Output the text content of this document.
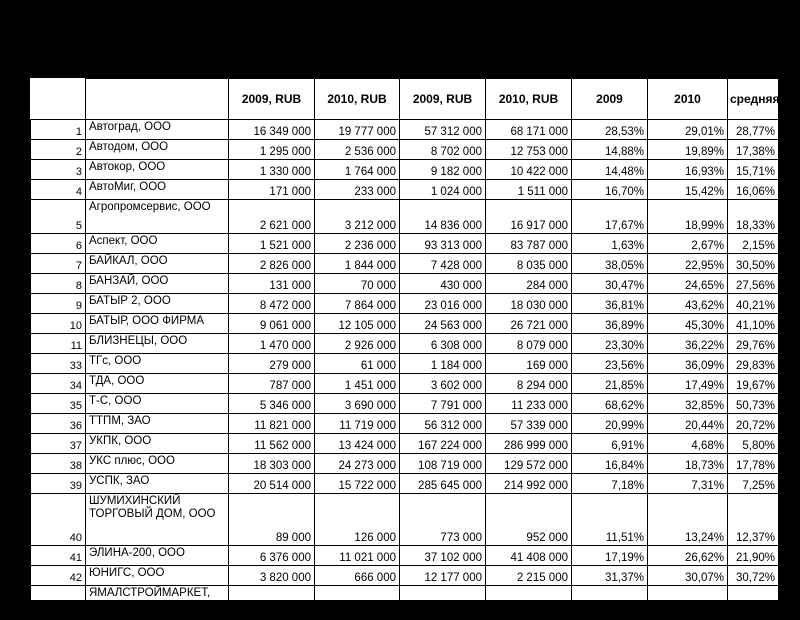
		2009, RUB	2010, RUB	2009, RUB	2010, RUB	2009	2010	средняя
1	Автоград, ООО	16 349 000	19 777 000	57 312 000	68 171 000	28,53%	29,01%	28,77%
2	Автодом, ООО	1 295 000	2 536 000	8 702 000	12 753 000	14,88%	19,89%	17,38%
3	Автокор, ООО	1 330 000	1 764 000	9 182 000	10 422 000	14,48%	16,93%	15,71%
4	АвтоМиг, ООО	171 000	233 000	1 024 000	1 511 000	16,70%	15,42%	16,06%
5	Агропромсервис, ООО	2 621 000	3 212 000	14 836 000	16 917 000	17,67%	18,99%	18,33%
6	Аспект, ООО	1 521 000	2 236 000	93 313 000	83 787 000	1,63%	2,67%	2,15%
7	БАЙКАЛ, ООО	2 826 000	1 844 000	7 428 000	8 035 000	38,05%	22,95%	30,50%
8	БАНЗАЙ, ООО	131 000	70 000	430 000	284 000	30,47%	24,65%	27,56%
9	БАТЫР 2, ООО	8 472 000	7 864 000	23 016 000	18 030 000	36,81%	43,62%	40,21%
10	БАТЫР, ООО ФИРМА	9 061 000	12 105 000	24 563 000	26 721 000	36,89%	45,30%	41,10%
11	БЛИЗНЕЦЫ, ООО	1 470 000	2 926 000	6 308 000	8 079 000	23,30%	36,22%	29,76%
33	ТГс, ООО	279 000	61 000	1 184 000	169 000	23,56%	36,09%	29,83%
34	ТДА, ООО	787 000	1 451 000	3 602 000	8 294 000	21,85%	17,49%	19,67%
35	Т-С, ООО	5 346 000	3 690 000	7 791 000	11 233 000	68,62%	32,85%	50,73%
36	ТТПМ, ЗАО	11 821 000	11 719 000	56 312 000	57 339 000	20,99%	20,44%	20,72%
37	УКПК, ООО	11 562 000	13 424 000	167 224 000	286 999 000	6,91%	4,68%	5,80%
38	УКС плюс, ООО	18 303 000	24 273 000	108 719 000	129 572 000	16,84%	18,73%	17,78%
39	УСПК, ЗАО	20 514 000	15 722 000	285 645 000	214 992 000	7,18%	7,31%	7,25%
40	ШУМИХИНСКИЙ ТОРГОВЫЙ ДОМ, ООО	89 000	126 000	773 000	952 000	11,51%	13,24%	12,37%
41	ЭЛИНА-200, ООО	6 376 000	11 021 000	37 102 000	41 408 000	17,19%	26,62%	21,90%
42	ЮНИГС, ООО	3 820 000	666 000	12 177 000	2 215 000	31,37%	30,07%	30,72%
	ЯМАЛСТРОЙМАРКЕТ, ООО	60 804 000	50 734 000	829 408 000	536 760 000	7,33%	9,45%	
